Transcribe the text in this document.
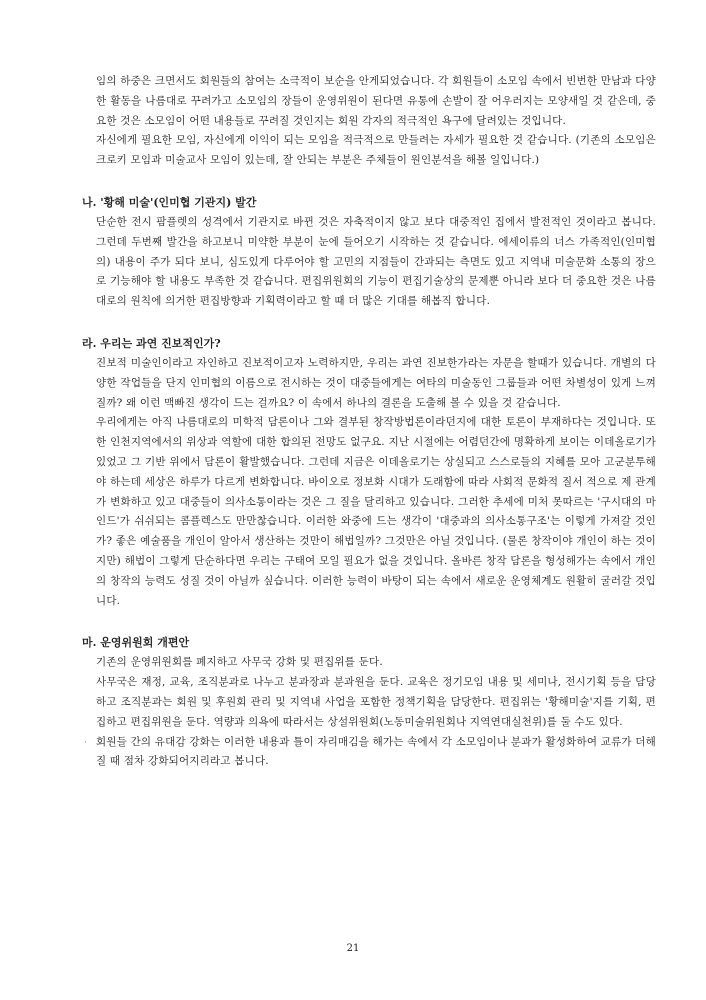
임의 하중은 크면서도 회원들의 참여는 소극적이 보순을 안게되었습니다. 각 회원들이 소모임 속에서 빈번한 만남과 다양한 활동을 나름대로 꾸려가고 소모임의 장들이 운영위원이 된다면 유통에 손발이 잘 어우러지는 모양새일 것 같은데, 중요한 것은 소모임이 어떤 내용들로 꾸려질 것인지는 회원 각자의 적극적인 욕구에 달려있는 것입니다.

자신에게 필요한 모임, 자신에게 이익이 되는 모임을 적극적으로 만들려는 자세가 필요한 것 같습니다. (기존의 소모임은 크로키 모임과 미술교사 모임이 있는데, 잘 안되는 부분은 주체들이 원인분석을 해볼 일입니다.)

나. '황해 미술'(인미협 기관지) 발간

단순한 전시 팜플렛의 성격에서 기관지로 바뀐 것은 자축적이지 않고 보다 대중적인 집에서 발전적인 것이라고 봅니다. 그런데 두번째 발간을 하고보니 미약한 부분이 눈에 들어오기 시작하는 것 같습니다. 에세이류의 너스 가족적인(인미협의) 내용이 주가 되다 보니, 심도있게 다루어야 할 고민의 지점들이 간과되는 측면도 있고 지역내 미술문화 소통의 장으로 기능해야 할 내용도 부족한 것 같습니다. 편집위원회의 기능이 편집기술상의 문제뿐 아니라 보다 더 중요한 것은 나름대로의 원칙에 의거한 편집방향과 기획력이라고 할 때 더 많은 기대를 해봅직 합니다.

라. 우리는 과연 진보적인가?

진보적 미술인이라고 자인하고 진보적이고자 노력하지만, 우리는 과연 진보한가라는 자문을 할때가 있습니다. 개별의 다양한 작업들을 단지 인미협의 이름으로 전시하는 것이 대중들에게는 여타의 미술동인 그룹들과 어떤 차별성이 있게 느껴질까? 왜 이런 맥빠진 생각이 드는 걸까요? 이 속에서 하나의 결론을 도출해 볼 수 있을 것 같습니다.

우리에게는 아직 나름대로의 미학적 담론이나 그와 결부된 창작방법론이라던지에 대한 토론이 부재하다는 것입니다. 또한 인천지역에서의 위상과 역할에 대한 합의된 전망도 없구요. 지난 시절에는 어렴던간에 명확하게 보이는 이데올로기가 있었고 그 기반 위에서 담론이 활발했습니다. 그런데 지금은 이데올로기는 상실되고 스스로들의 지혜를 모아 고군분투해야 하는데 세상은 하루가 다르게 변화합니다. 바이오로 정보화 시대가 도래함에 따라 사회적 문화적 질서 적으로 제 관계가 변화하고 있고 대중들이 의사소통이라는 것은 그 질을 달리하고 있습니다. 그러한 추세에 미처 못따르는 '구시대의 마인드'가 쉬쉬되는 콤플렉스도 만만찮습니다. 이러한 와중에 드는 생각이 '대중과의 의사소통구조'는 이렇게 가져갈 것인가? 좋은 예술품을 개인이 알아서 생산하는 것만이 해법일까? 그것만은 아닐 것입니다. (물론 창작이야 개인이 하는 것이지만) 해법이 그렇게 단순하다면 우리는 구태여 모일 필요가 없을 것입니다. 올바른 창작 담론을 형성해가는 속에서 개인의 창작의 능력도 성질 것이 아닐까 싶습니다. 이러한 능력이 바탕이 되는 속에서 새로운 운영체계도 원활히 굴러갈 것입니다.

마. 운영위원회 개편안

기존의 운영위원회를 폐지하고 사무국 강화 및 편집위를 둔다.

사무국은 재정, 교육, 조직분과로 나누고 분과장과 분과원을 둔다. 교육은 정기모임 내용 및 세미나, 전시기획 등을 담당하고 조직분과는 회원 및 후원회 관리 및 지역내 사업을 포함한 정책기획을 담당한다. 편집위는 '황해미술'지를 기획, 편집하고 편집위원을 둔다. 역량과 의욕에 따라서는 상설위원회(노동미술위원회나 지역연대실천위)를 둘 수도 있다.

회원들 간의 유대감 강화는 이러한 내용과 틀이 자리매김을 해가는 속에서 각 소모임이나 분과가 활성화하여 교류가 더해질 때 점차 강화되어지리라고 봅니다.

·
21
